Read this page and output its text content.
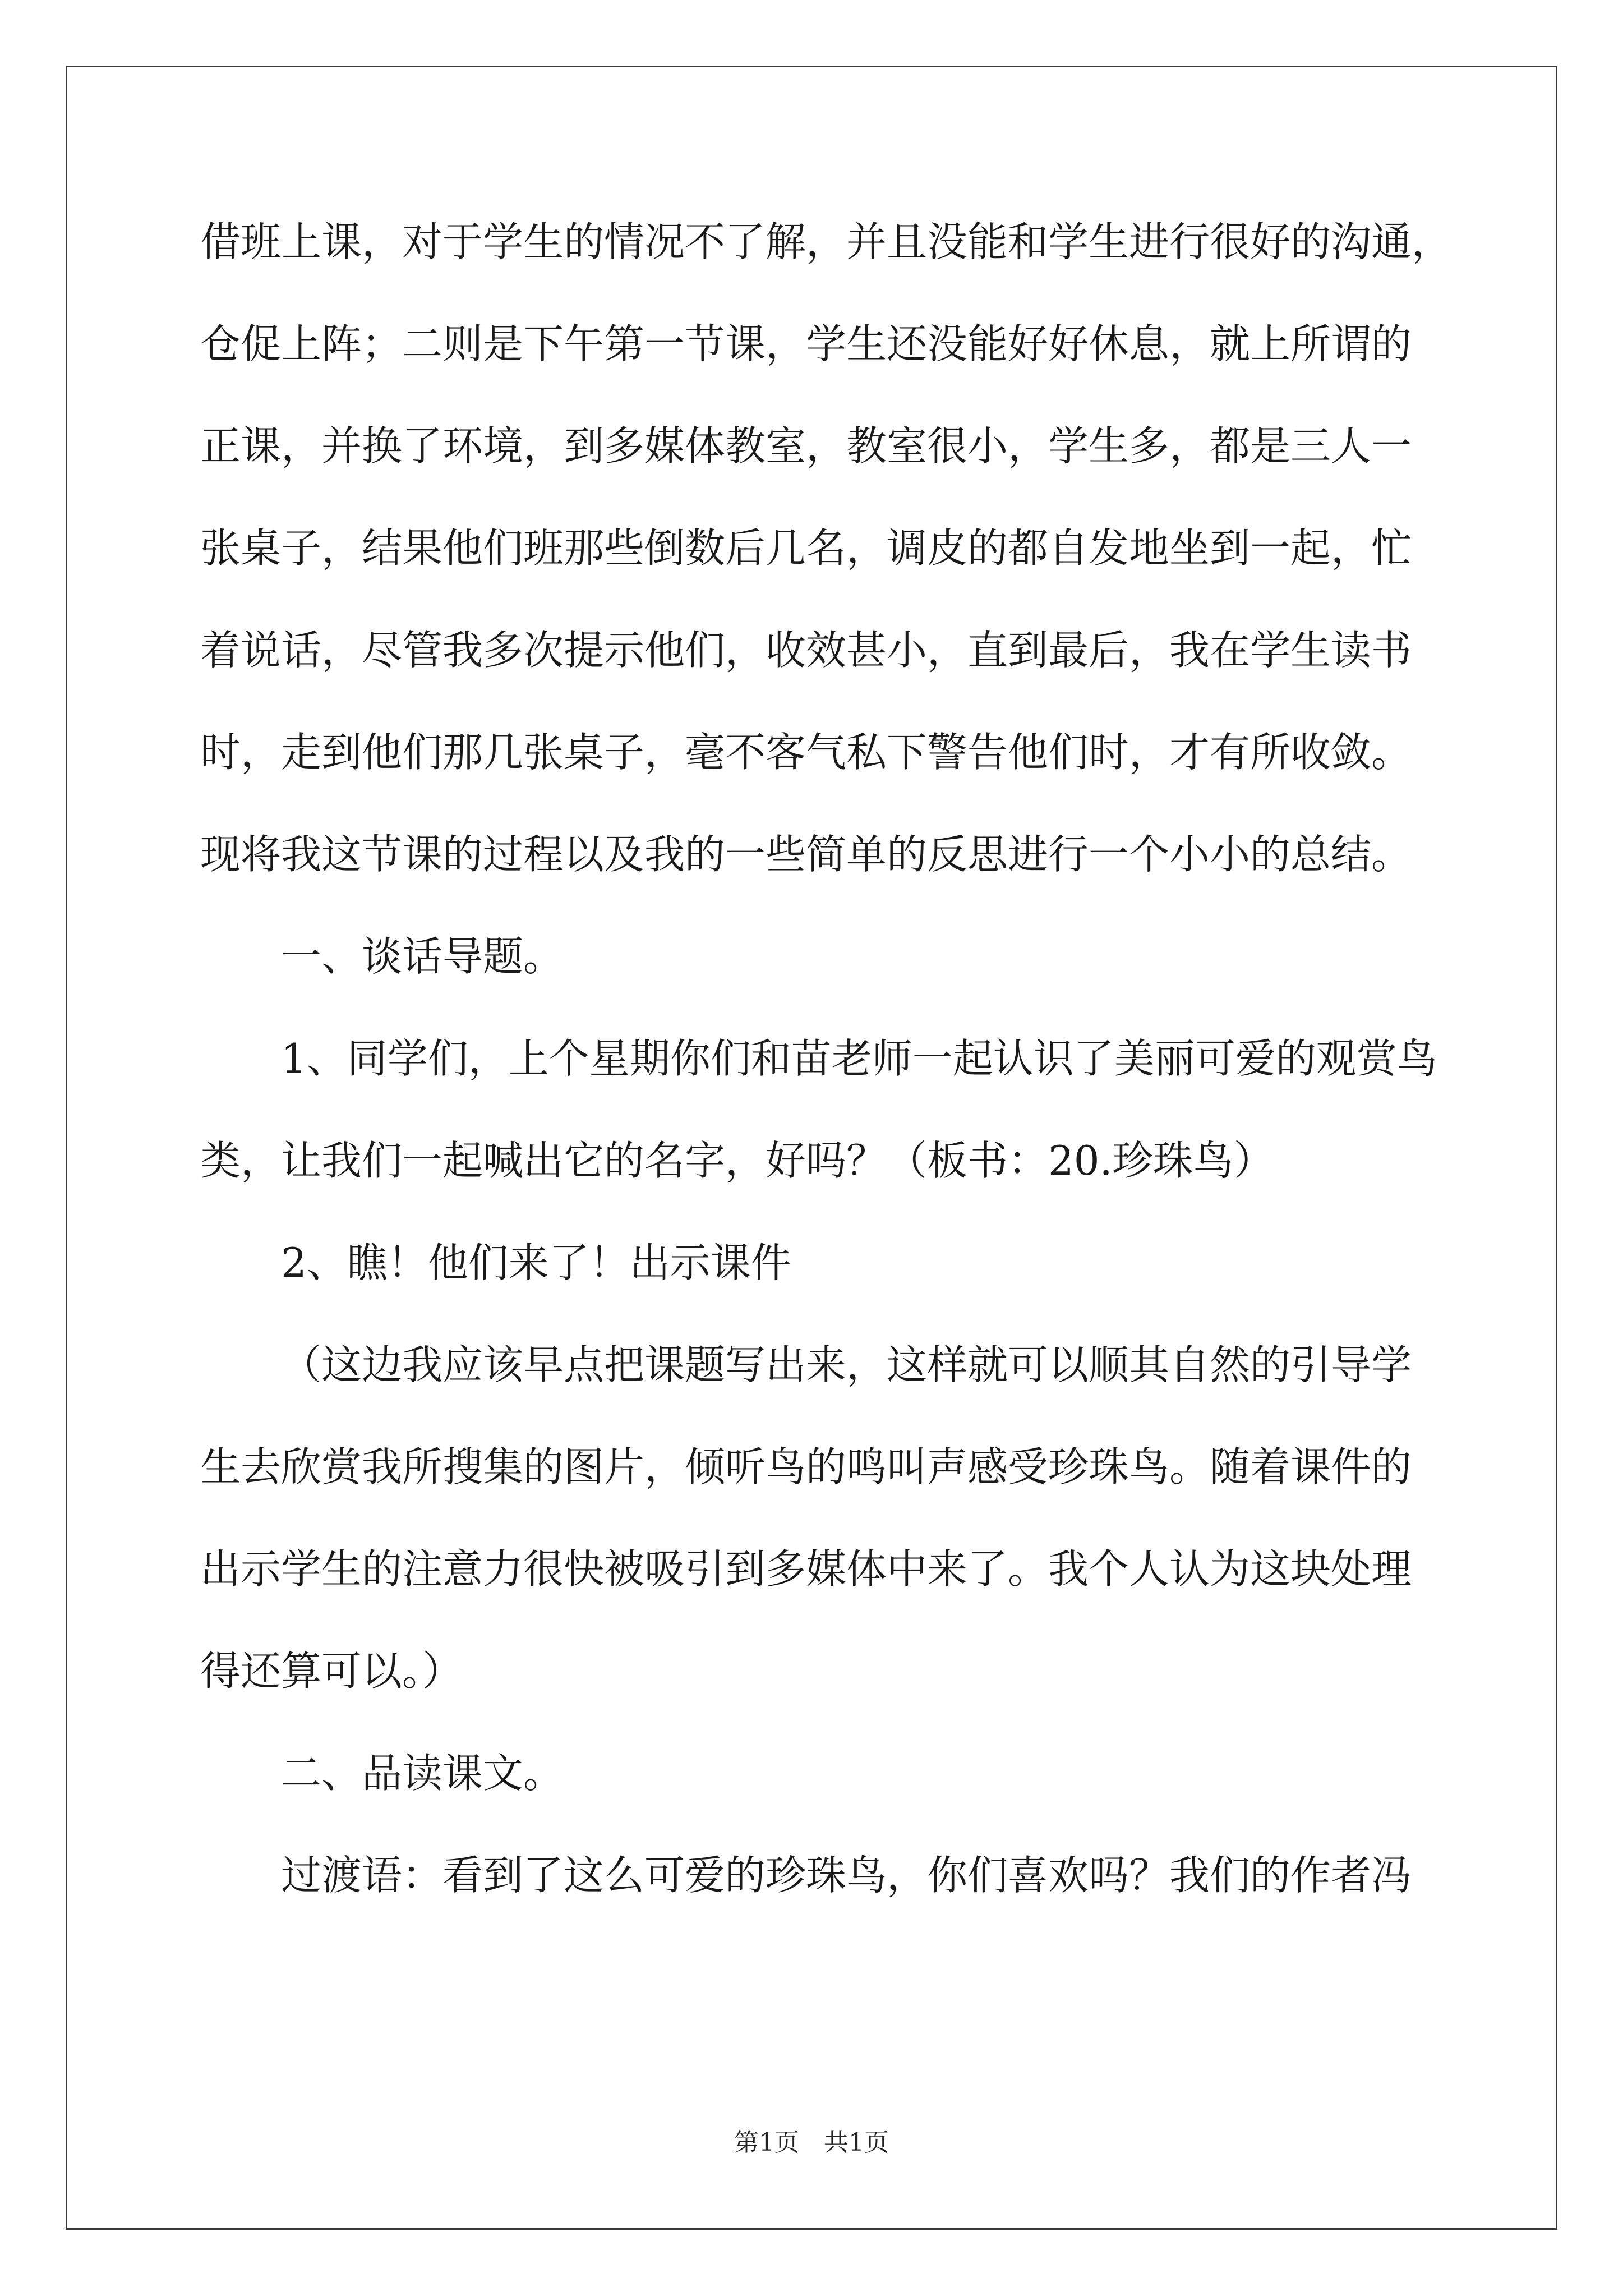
借班上课，对于学生的情况不了解，并且没能和学生进行很好的沟通，
仓促上阵；二则是下午第一节课，学生还没能好好休息，就上所谓的
正课，并换了环境，到多媒体教室，教室很小，学生多，都是三人一
张桌子，结果他们班那些倒数后几名，调皮的都自发地坐到一起，忙
着说话，尽管我多次提示他们，收效甚小，直到最后，我在学生读书
时，走到他们那几张桌子，毫不客气私下警告他们时，才有所收敛。
现将我这节课的过程以及我的一些简单的反思进行一个小小的总结。
一、谈话导题。
1、同学们，上个星期你们和苗老师一起认识了美丽可爱的观赏鸟
类，让我们一起喊出它的名字，好吗？（板书：20.珍珠鸟）
2、瞧！他们来了！出示课件
（这边我应该早点把课题写出来，这样就可以顺其自然的引导学
生去欣赏我所搜集的图片，倾听鸟的鸣叫声感受珍珠鸟。随着课件的
出示学生的注意力很快被吸引到多媒体中来了。我个人认为这块处理
得还算可以。）
二、品读课文。
过渡语：看到了这么可爱的珍珠鸟，你们喜欢吗？我们的作者冯
第1页　共1页
